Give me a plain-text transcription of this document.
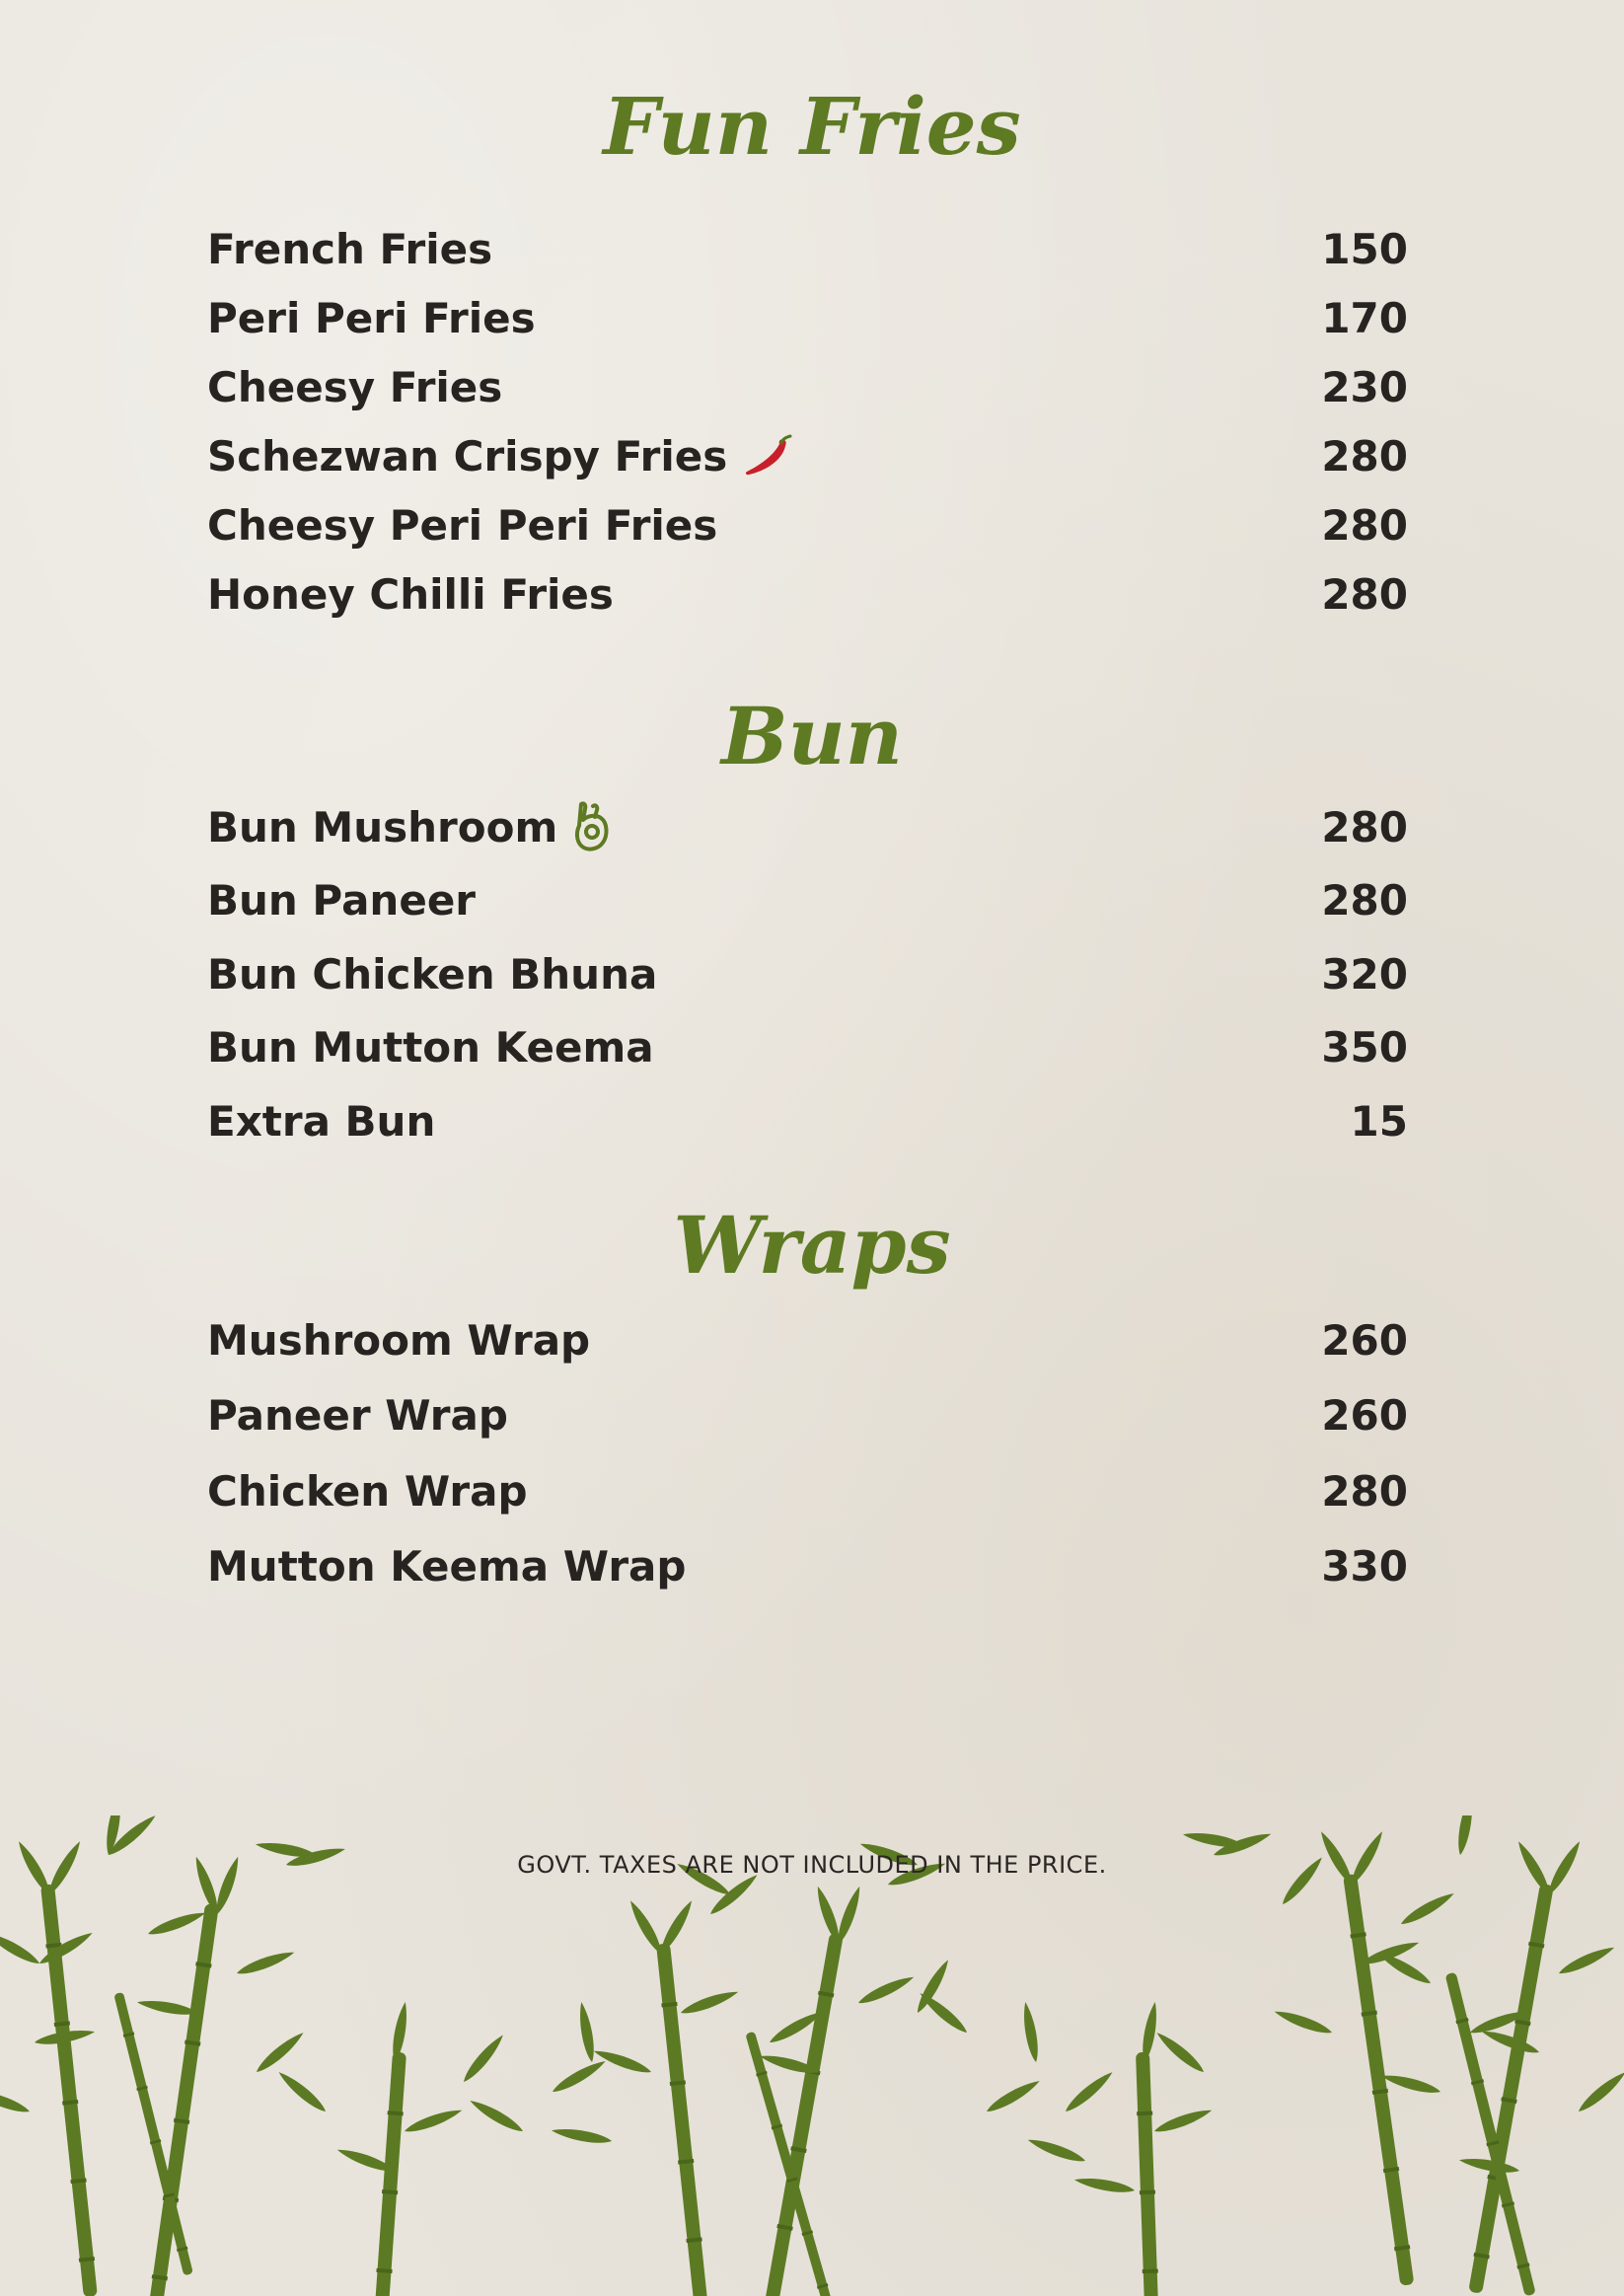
Fun Fries
French Fries	150
Peri Peri Fries	170
Cheesy Fries	230
Schezwan Crispy Fries	280
Cheesy Peri Peri Fries	280
Honey Chilli Fries	280
Bun
Bun Mushroom	280
Bun Paneer	280
Bun Chicken Bhuna	320
Bun Mutton Keema	350
Extra Bun	15
Wraps
Mushroom Wrap	260
Paneer Wrap	260
Chicken Wrap	280
Mutton Keema Wrap	330

GOVT. TAXES ARE NOT INCLUDED IN THE PRICE.
